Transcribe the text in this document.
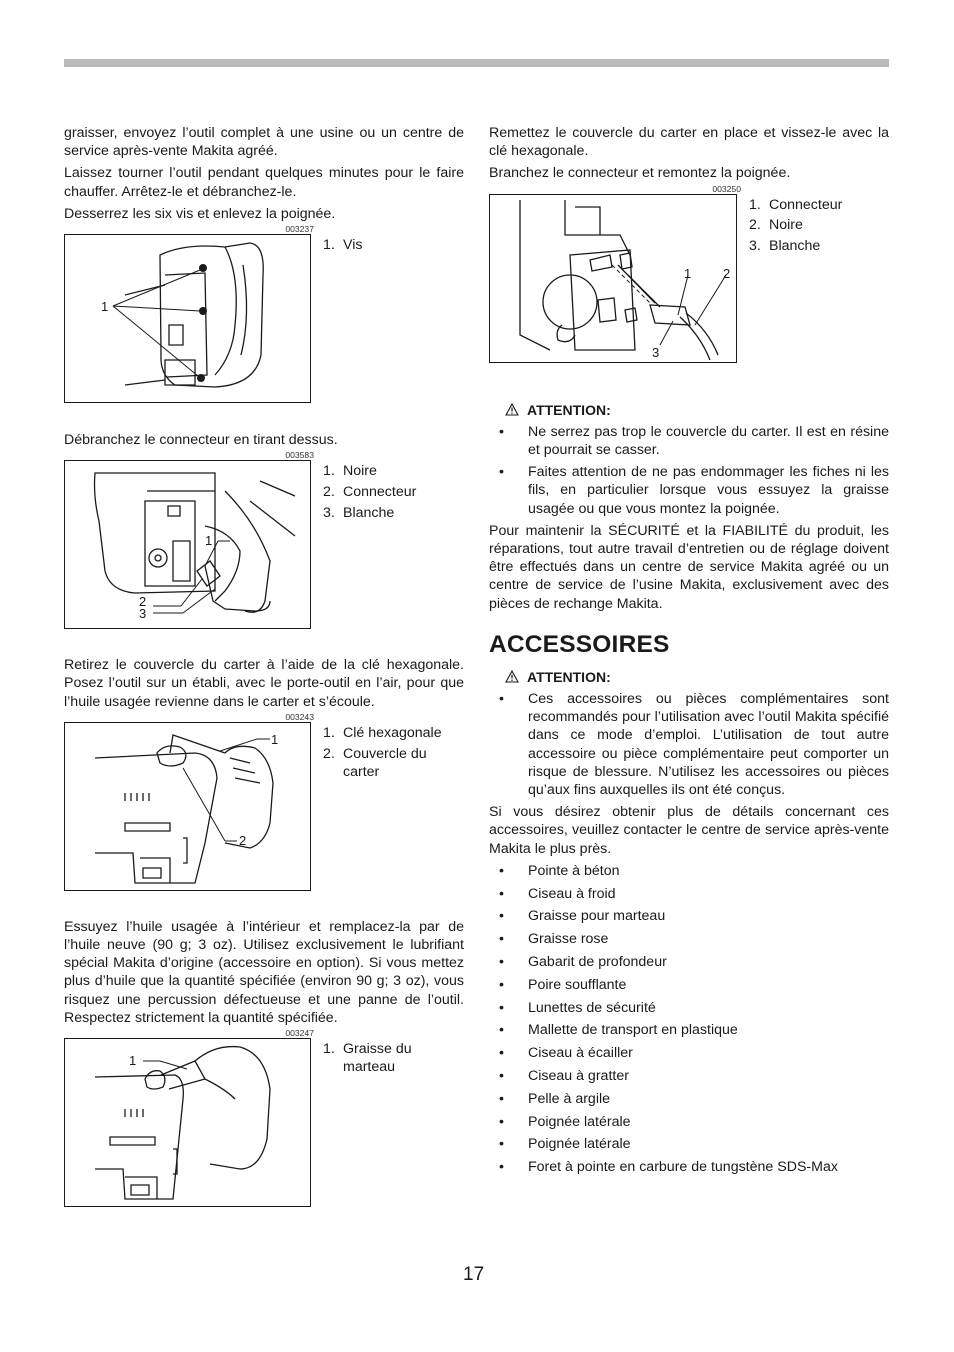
graisser, envoyez l’outil complet à une usine ou un centre de service après-vente Makita agréé.

Laissez tourner l’outil pendant quelques minutes pour le faire chauffer. Arrêtez-le et débranchez-le.

Desserrez les six vis et enlevez la poignée.

003237
1
1. Vis

Débranchez le connecteur en tirant dessus.

003583
1
2
3
1. Noire
2. Connecteur
3. Blanche

Retirez le couvercle du carter à l’aide de la clé hexagonale. Posez l’outil sur un établi, avec le porte-outil en l’air, pour que l’huile usagée revienne dans le carter et s’écoule.

003243
1
2
1. Clé hexagonale
2. Couvercle du carter

Essuyez l’huile usagée à l’intérieur et remplacez-la par de l’huile neuve (90 g; 3 oz). Utilisez exclusivement le lubrifiant spécial Makita d’origine (accessoire en option). Si vous mettez plus d’huile que la quantité spécifiée (environ 90 g; 3 oz), vous risquez une percussion défectueuse et une panne de l’outil. Respectez strictement la quantité spécifiée.

003247
1
1. Graisse du marteau

Remettez le couvercle du carter en place et vissez-le avec la clé hexagonale.

Branchez le connecteur et remontez la poignée.

003250
1 2
3
1. Connecteur
2. Noire
3. Blanche
ATTENTION:
•	Ne serrez pas trop le couvercle du carter. Il est en résine et pourrait se casser.
•	Faites attention de ne pas endommager les fiches ni les fils, en particulier lorsque vous essuyez la graisse usagée ou que vous montez la poignée.

Pour maintenir la SÉCURITÉ et la FIABILITÉ du produit, les réparations, tout autre travail d’entretien ou de réglage doivent être effectués dans un centre de service Makita agréé ou un centre de service de l’usine Makita, exclusivement avec des pièces de rechange Makita.

ACCESSOIRES
ATTENTION:
•	Ces accessoires ou pièces complémentaires sont recommandés pour l’utilisation avec l’outil Makita spécifié dans ce mode d’emploi. L’utilisation de tout autre accessoire ou pièce complémentaire peut comporter un risque de blessure. N’utilisez les accessoires ou pièces qu’aux fins auxquelles ils ont été conçus.

Si vous désirez obtenir plus de détails concernant ces accessoires, veuillez contacter le centre de service après-vente Makita le plus près.

•	Pointe à béton
•	Ciseau à froid
•	Graisse pour marteau
•	Graisse rose
•	Gabarit de profondeur
•	Poire soufflante
•	Lunettes de sécurité
•	Mallette de transport en plastique
•	Ciseau à écailler
•	Ciseau à gratter
•	Pelle à argile
•	Poignée latérale
•	Poignée latérale
•	Foret à pointe en carbure de tungstène SDS-Max
17
